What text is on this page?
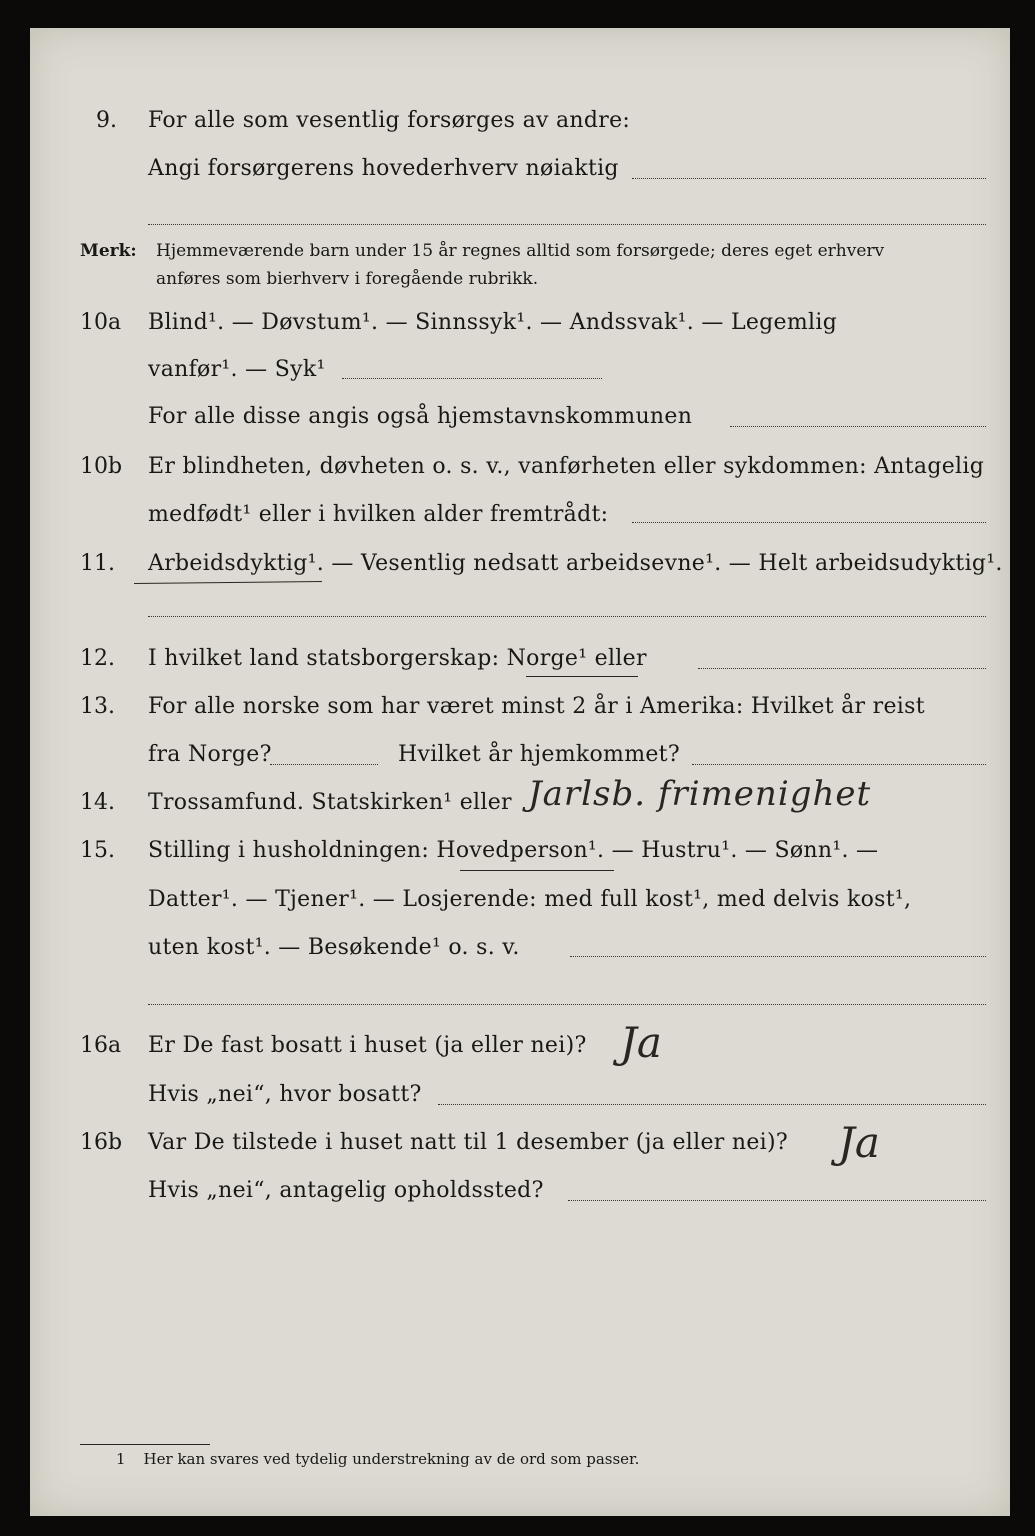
9. For alle som vesentlig forsørges av andre:
Angi forsørgerens hovederhverv nøiaktig
Merk: Hjemmeværende barn under 15 år regnes alltid som forsørgede; deres eget erhverv
anføres som bierhverv i foregående rubrikk.
10a Blind¹. — Døvstum¹. — Sinnssyk¹. — Andssvak¹. — Legemlig
vanfør¹. — Syk¹
For alle disse angis også hjemstavnskommunen
10b Er blindheten, døvheten o. s. v., vanførheten eller sykdommen: Antagelig
medfødt¹ eller i hvilken alder fremtrådt:
11. Arbeidsdyktig¹. — Vesentlig nedsatt arbeidsevne¹. — Helt arbeidsudyktig¹.
12. I hvilket land statsborgerskap: Norge¹ eller
13. For alle norske som har været minst 2 år i Amerika: Hvilket år reist
fra Norge?	Hvilket år hjemkommet?
14. Trossamfund. Statskirken¹ eller Jarlsb. frimenighet
15. Stilling i husholdningen: Hovedperson¹. — Hustru¹. — Sønn¹. —
Datter¹. — Tjener¹. — Losjerende: med full kost¹, med delvis kost¹,
uten kost¹. — Besøkende¹ o. s. v.
16a Er De fast bosatt i huset (ja eller nei)? Ja
Hvis „nei“, hvor bosatt?
16b Var De tilstede i huset natt til 1 desember (ja eller nei)? Ja
Hvis „nei“, antagelig opholdssted?
1 Her kan svares ved tydelig understrekning av de ord som passer.
